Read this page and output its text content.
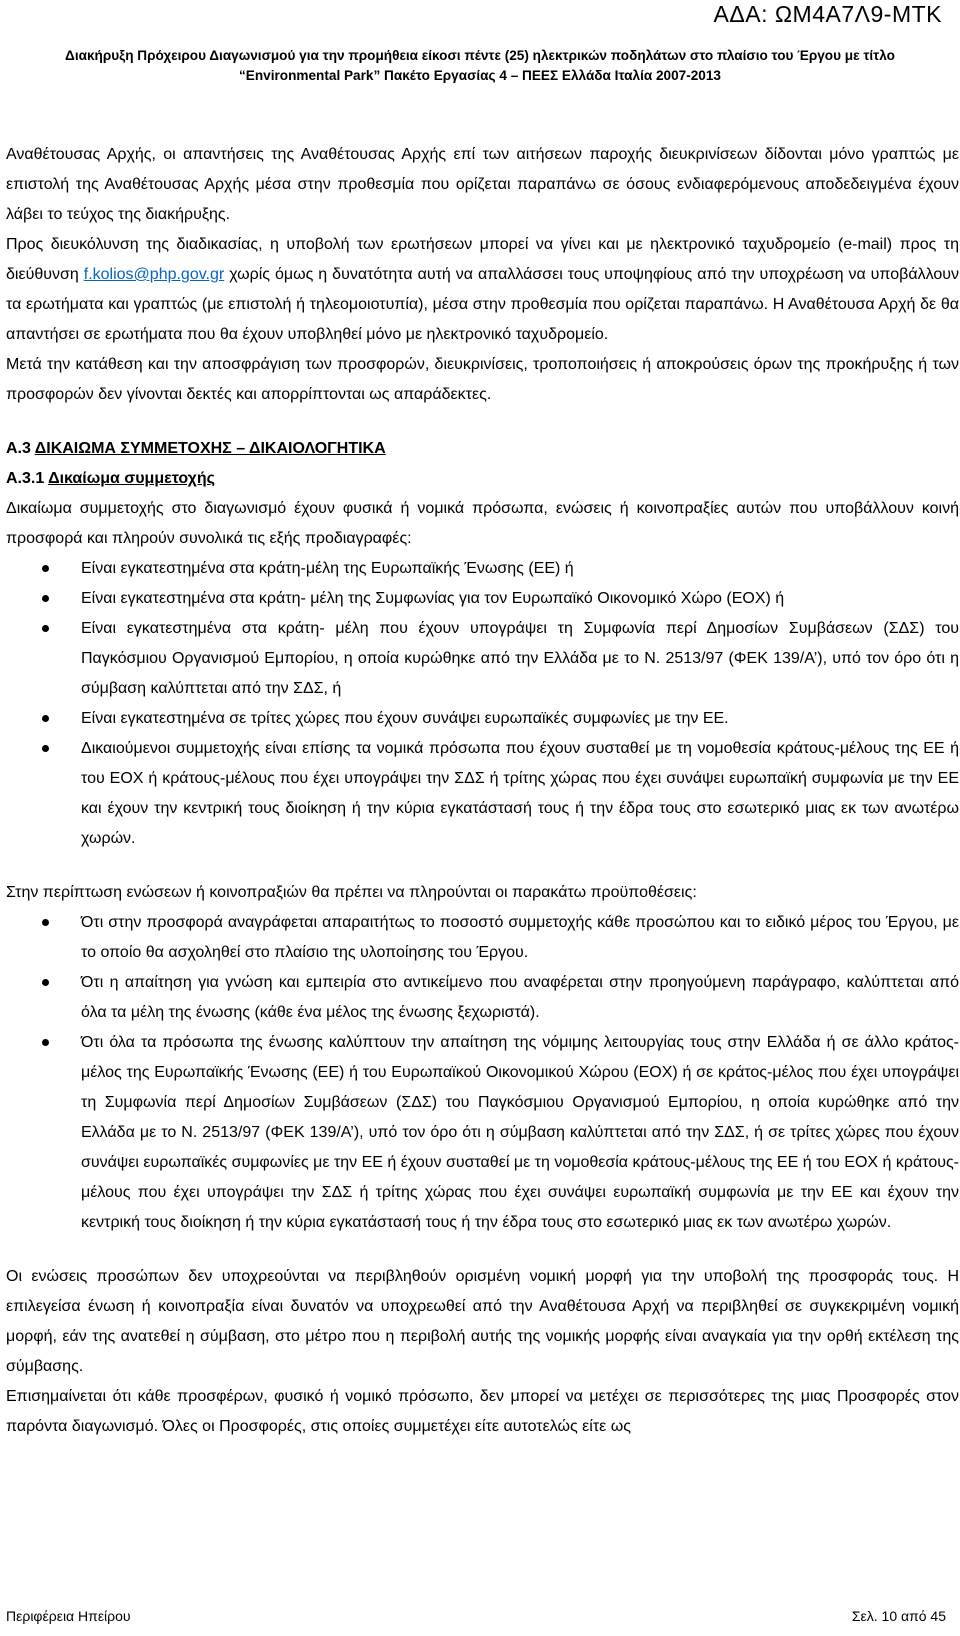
ΑΔΑ: ΩΜ4Α7Λ9-ΜΤΚ
Διακήρυξη Πρόχειρου Διαγωνισμού για την προμήθεια είκοσι πέντε (25) ηλεκτρικών ποδηλάτων στο πλαίσιο του Έργου με τίτλο
“Environmental Park” Πακέτο Εργασίας 4 – ΠΕΕΣ Ελλάδα Ιταλία 2007-2013

Αναθέτουσας Αρχής, οι απαντήσεις της Αναθέτουσας Αρχής επί των αιτήσεων παροχής διευκρινίσεων δίδονται μόνο γραπτώς με επιστολή της Αναθέτουσας Αρχής μέσα στην προθεσμία που ορίζεται παραπάνω σε όσους ενδιαφερόμενους αποδεδειγμένα έχουν λάβει το τεύχος της διακήρυξης.

Προς διευκόλυνση της διαδικασίας, η υποβολή των ερωτήσεων μπορεί να γίνει και με ηλεκτρονικό ταχυδρομείο (e-mail) προς τη διεύθυνση f.kolios@php.gov.gr χωρίς όμως η δυνατότητα αυτή να απαλλάσσει τους υποψηφίους από την υποχρέωση να υποβάλλουν τα ερωτήματα και γραπτώς (με επιστολή ή τηλεομοιοτυπία), μέσα στην προθεσμία που ορίζεται παραπάνω. Η Αναθέτουσα Αρχή δε θα απαντήσει σε ερωτήματα που θα έχουν υποβληθεί μόνο με ηλεκτρονικό ταχυδρομείο.

Μετά την κατάθεση και την αποσφράγιση των προσφορών, διευκρινίσεις, τροποποιήσεις ή αποκρούσεις όρων της προκήρυξης ή των προσφορών δεν γίνονται δεκτές και απορρίπτονται ως απαράδεκτες.

Α.3 ΔΙΚΑΙΩΜΑ ΣΥΜΜΕΤΟΧΗΣ – ΔΙΚΑΙΟΛΟΓΗΤΙΚΑ

Α.3.1 Δικαίωμα συμμετοχής

Δικαίωμα συμμετοχής στο διαγωνισμό έχουν φυσικά ή νομικά πρόσωπα, ενώσεις ή κοινοπραξίες αυτών που υποβάλλουν κοινή προσφορά και πληρούν συνολικά τις εξής προδιαγραφές:

Είναι εγκατεστημένα στα κράτη-μέλη της Ευρωπαϊκής Ένωσης (ΕΕ) ή
Είναι εγκατεστημένα στα κράτη- μέλη της Συμφωνίας για τον Ευρωπαϊκό Οικονομικό Χώρο (ΕΟΧ) ή
Είναι εγκατεστημένα στα κράτη- μέλη που έχουν υπογράψει τη Συμφωνία περί Δημοσίων Συμβάσεων (ΣΔΣ) του Παγκόσμιου Οργανισμού Εμπορίου, η οποία κυρώθηκε από την Ελλάδα με το Ν. 2513/97 (ΦΕΚ 139/Α’), υπό τον όρο ότι η σύμβαση καλύπτεται από την ΣΔΣ, ή
Είναι εγκατεστημένα σε τρίτες χώρες που έχουν συνάψει ευρωπαϊκές συμφωνίες με την ΕΕ.
Δικαιούμενοι συμμετοχής είναι επίσης τα νομικά πρόσωπα που έχουν συσταθεί με τη νομοθεσία κράτους-μέλους της ΕΕ ή του ΕΟΧ ή κράτους-μέλους που έχει υπογράψει την ΣΔΣ ή τρίτης χώρας που έχει συνάψει ευρωπαϊκή συμφωνία με την ΕΕ και έχουν την κεντρική τους διοίκηση ή την κύρια εγκατάστασή τους ή την έδρα τους στο εσωτερικό μιας εκ των ανωτέρω χωρών.

Στην περίπτωση ενώσεων ή κοινοπραξιών θα πρέπει να πληρούνται οι παρακάτω προϋποθέσεις:

Ότι στην προσφορά αναγράφεται απαραιτήτως το ποσοστό συμμετοχής κάθε προσώπου και το ειδικό μέρος του Έργου, με το οποίο θα ασχοληθεί στο πλαίσιο της υλοποίησης του Έργου.
Ότι η απαίτηση για γνώση και εμπειρία στο αντικείμενο που αναφέρεται στην προηγούμενη παράγραφο, καλύπτεται από όλα τα μέλη της ένωσης (κάθε ένα μέλος της ένωσης ξεχωριστά).
Ότι όλα τα πρόσωπα της ένωσης καλύπτουν την απαίτηση της νόμιμης λειτουργίας τους στην Ελλάδα ή σε άλλο κράτος-μέλος της Ευρωπαϊκής Ένωσης (ΕΕ) ή του Ευρωπαϊκού Οικονομικού Χώρου (ΕΟΧ) ή σε κράτος-μέλος που έχει υπογράψει τη Συμφωνία περί Δημοσίων Συμβάσεων (ΣΔΣ) του Παγκόσμιου Οργανισμού Εμπορίου, η οποία κυρώθηκε από την Ελλάδα με το Ν. 2513/97 (ΦΕΚ 139/Α’), υπό τον όρο ότι η σύμβαση καλύπτεται από την ΣΔΣ, ή σε τρίτες χώρες που έχουν συνάψει ευρωπαϊκές συμφωνίες με την ΕΕ ή έχουν συσταθεί με τη νομοθεσία κράτους-μέλους της ΕΕ ή του ΕΟΧ ή κράτους-μέλους που έχει υπογράψει την ΣΔΣ ή τρίτης χώρας που έχει συνάψει ευρωπαϊκή συμφωνία με την ΕΕ και έχουν την κεντρική τους διοίκηση ή την κύρια εγκατάστασή τους ή την έδρα τους στο εσωτερικό μιας εκ των ανωτέρω χωρών.

Οι ενώσεις προσώπων δεν υποχρεούνται να περιβληθούν ορισμένη νομική μορφή για την υποβολή της προσφοράς τους. Η επιλεγείσα ένωση ή κοινοπραξία είναι δυνατόν να υποχρεωθεί από την Αναθέτουσα Αρχή να περιβληθεί σε συγκεκριμένη νομική μορφή, εάν της ανατεθεί η σύμβαση, στο μέτρο που η περιβολή αυτής της νομικής μορφής είναι αναγκαία για την ορθή εκτέλεση της σύμβασης.

Επισημαίνεται ότι κάθε προσφέρων, φυσικό ή νομικό πρόσωπο, δεν μπορεί να μετέχει σε περισσότερες της μιας Προσφορές στον παρόντα διαγωνισμό. Όλες οι Προσφορές, στις οποίες συμμετέχει είτε αυτοτελώς είτε ως

Περιφέρεια Ηπείρου	Σελ. 10 από 45
